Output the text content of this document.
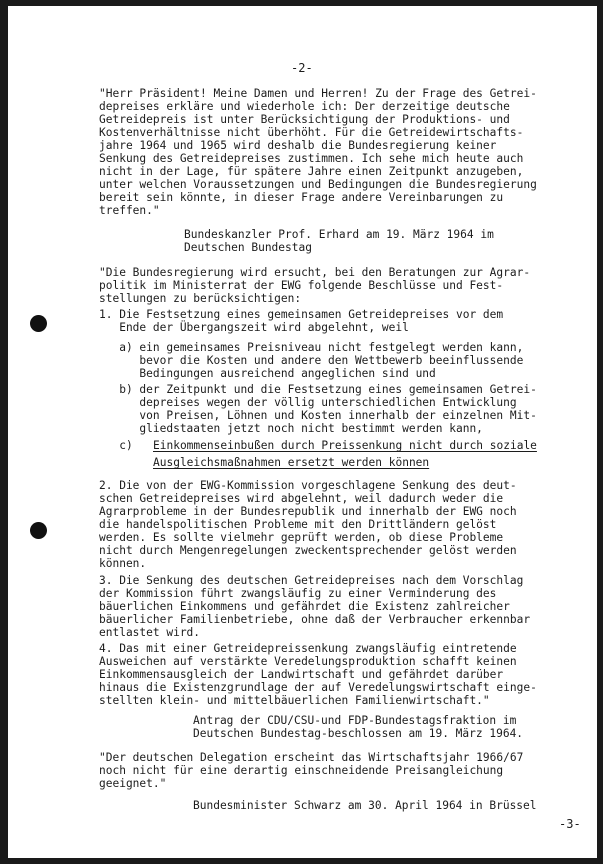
-2-
"Herr Präsident! Meine Damen und Herren! Zu der Frage des Getrei-
depreises erkläre und wiederhole ich: Der derzeitige deutsche
Getreidepreis ist unter Berücksichtigung der Produktions- und
Kostenverhältnisse nicht überhöht. Für die Getreidewirtschafts-
jahre 1964 und 1965 wird deshalb die Bundesregierung keiner
Senkung des Getreidepreises zustimmen. Ich sehe mich heute auch
nicht in der Lage, für spätere Jahre einen Zeitpunkt anzugeben,
unter welchen Voraussetzungen und Bedingungen die Bundesregierung
bereit sein könnte, in dieser Frage andere Vereinbarungen zu
treffen."
Bundeskanzler Prof. Erhard am 19. März 1964 im
Deutschen Bundestag
"Die Bundesregierung wird ersucht, bei den Beratungen zur Agrar-
politik im Ministerrat der EWG folgende Beschlüsse und Fest-
stellungen zu berücksichtigen:
1. Die Festsetzung eines gemeinsamen Getreidepreises vor dem
Ende der Übergangszeit wird abgelehnt, weil
a) ein gemeinsames Preisniveau nicht festgelegt werden kann,
bevor die Kosten und andere den Wettbewerb beeinflussende
Bedingungen ausreichend angeglichen sind und
b) der Zeitpunkt und die Festsetzung eines gemeinsamen Getrei-
depreises wegen der völlig unterschiedlichen Entwicklung
von Preisen, Löhnen und Kosten innerhalb der einzelnen Mit-
gliedstaaten jetzt noch nicht bestimmt werden kann,
c) Einkommenseinbußen durch Preissenkung nicht durch soziale
Ausgleichsmaßnahmen ersetzt werden können
2. Die von der EWG-Kommission vorgeschlagene Senkung des deut-
schen Getreidepreises wird abgelehnt, weil dadurch weder die
Agrarprobleme in der Bundesrepublik und innerhalb der EWG noch
die handelspolitischen Probleme mit den Drittländern gelöst
werden. Es sollte vielmehr geprüft werden, ob diese Probleme
nicht durch Mengenregelungen zweckentsprechender gelöst werden
können.
3. Die Senkung des deutschen Getreidepreises nach dem Vorschlag
der Kommission führt zwangsläufig zu einer Verminderung des
bäuerlichen Einkommens und gefährdet die Existenz zahlreicher
bäuerlicher Familienbetriebe, ohne daß der Verbraucher erkennbar
entlastet wird.
4. Das mit einer Getreidepreissenkung zwangsläufig eintretende
Ausweichen auf verstärkte Veredelungsproduktion schafft keinen
Einkommensausgleich der Landwirtschaft und gefährdet darüber
hinaus die Existenzgrundlage der auf Veredelungswirtschaft einge-
stellten klein- und mittelbäuerlichen Familienwirtschaft."
Antrag der CDU/CSU-und FDP-Bundestagsfraktion im
Deutschen Bundestag-beschlossen am 19. März 1964.
"Der deutschen Delegation erscheint das Wirtschaftsjahr 1966/67
noch nicht für eine derartig einschneidende Preisangleichung
geeignet."
Bundesminister Schwarz am 30. April 1964 in Brüssel
-3-
